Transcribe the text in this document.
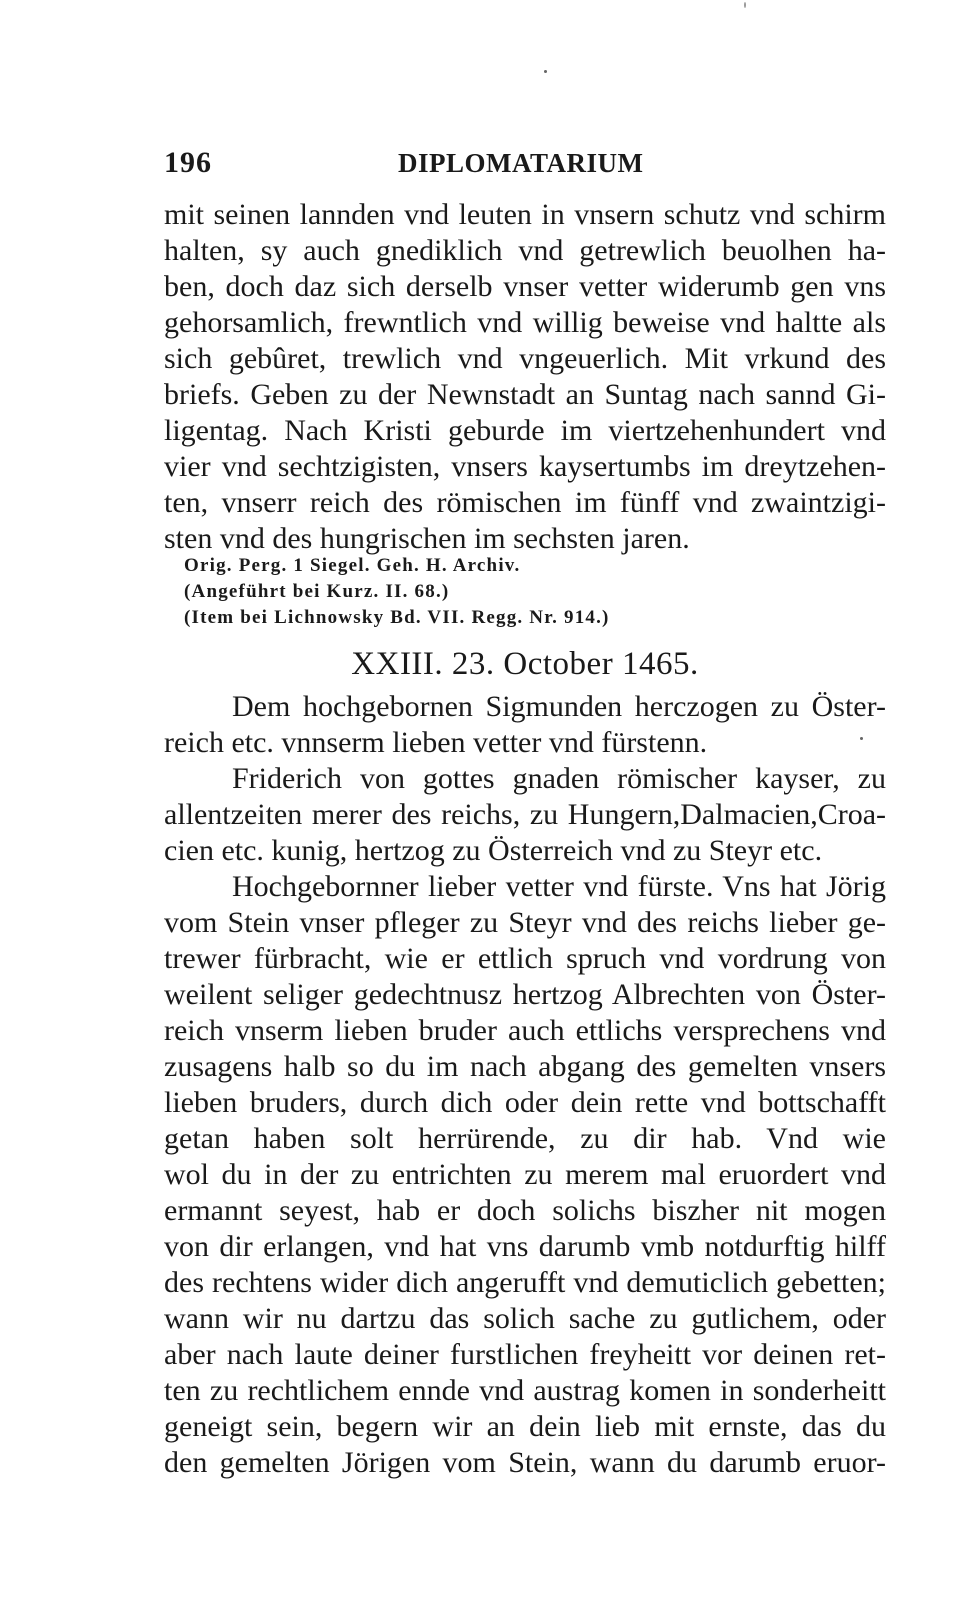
196	DIPLOMATARIUM
mit seinen lannden vnd leuten in vnsern schutz vnd schirm
halten, sy auch gnediklich vnd getrewlich beuolhen ha-
ben, doch daz sich derselb vnser vetter widerumb gen vns
gehorsamlich, frewntlich vnd willig beweise vnd haltte als
sich gebûret, trewlich vnd vngeuerlich. Mit vrkund des
briefs. Geben zu der Newnstadt an Suntag nach sannd Gi-
ligentag. Nach Kristi geburde im viertzehenhundert vnd
vier vnd sechtzigisten, vnsers kaysertumbs im dreytzehen-
ten, vnserr reich des römischen im fünff vnd zwaintzigi-
sten vnd des hungrischen im sechsten jaren.
Orig. Perg. 1 Siegel. Geh. H. Archiv.
(Angeführt bei Kurz. II. 68.)
(Item bei Lichnowsky Bd. VII. Regg. Nr. 914.)
XXIII. 23. October 1465.
Dem hochgebornen Sigmunden herczogen zu Öster-
reich etc. vnnserm lieben vetter vnd fürstenn.
Friderich von gottes gnaden römischer kayser, zu
allentzeiten merer des reichs, zu Hungern,Dalmacien,Croa-
cien etc. kunig, hertzog zu Österreich vnd zu Steyr etc.
Hochgebornner lieber vetter vnd fürste. Vns hat Jörig
vom Stein vnser pfleger zu Steyr vnd des reichs lieber ge-
trewer fürbracht, wie er ettlich spruch vnd vordrung von
weilent seliger gedechtnusz hertzog Albrechten von Öster-
reich vnserm lieben bruder auch ettlichs versprechens vnd
zusagens halb so du im nach abgang des gemelten vnsers
lieben bruders, durch dich oder dein rette vnd bottschafft
getan haben solt herrürende, zu dir hab. Vnd wie
wol du in der zu entrichten zu merem mal eruordert vnd
ermannt seyest, hab er doch solichs biszher nit mogen
von dir erlangen, vnd hat vns darumb vmb notdurftig hilff
des rechtens wider dich angerufft vnd demuticlich gebetten;
wann wir nu dartzu das solich sache zu gutlichem, oder
aber nach laute deiner furstlichen freyheitt vor deinen ret-
ten zu rechtlichem ennde vnd austrag komen in sonderheitt
geneigt sein, begern wir an dein lieb mit ernste, das du
den gemelten Jörigen vom Stein, wann du darumb eruor-
